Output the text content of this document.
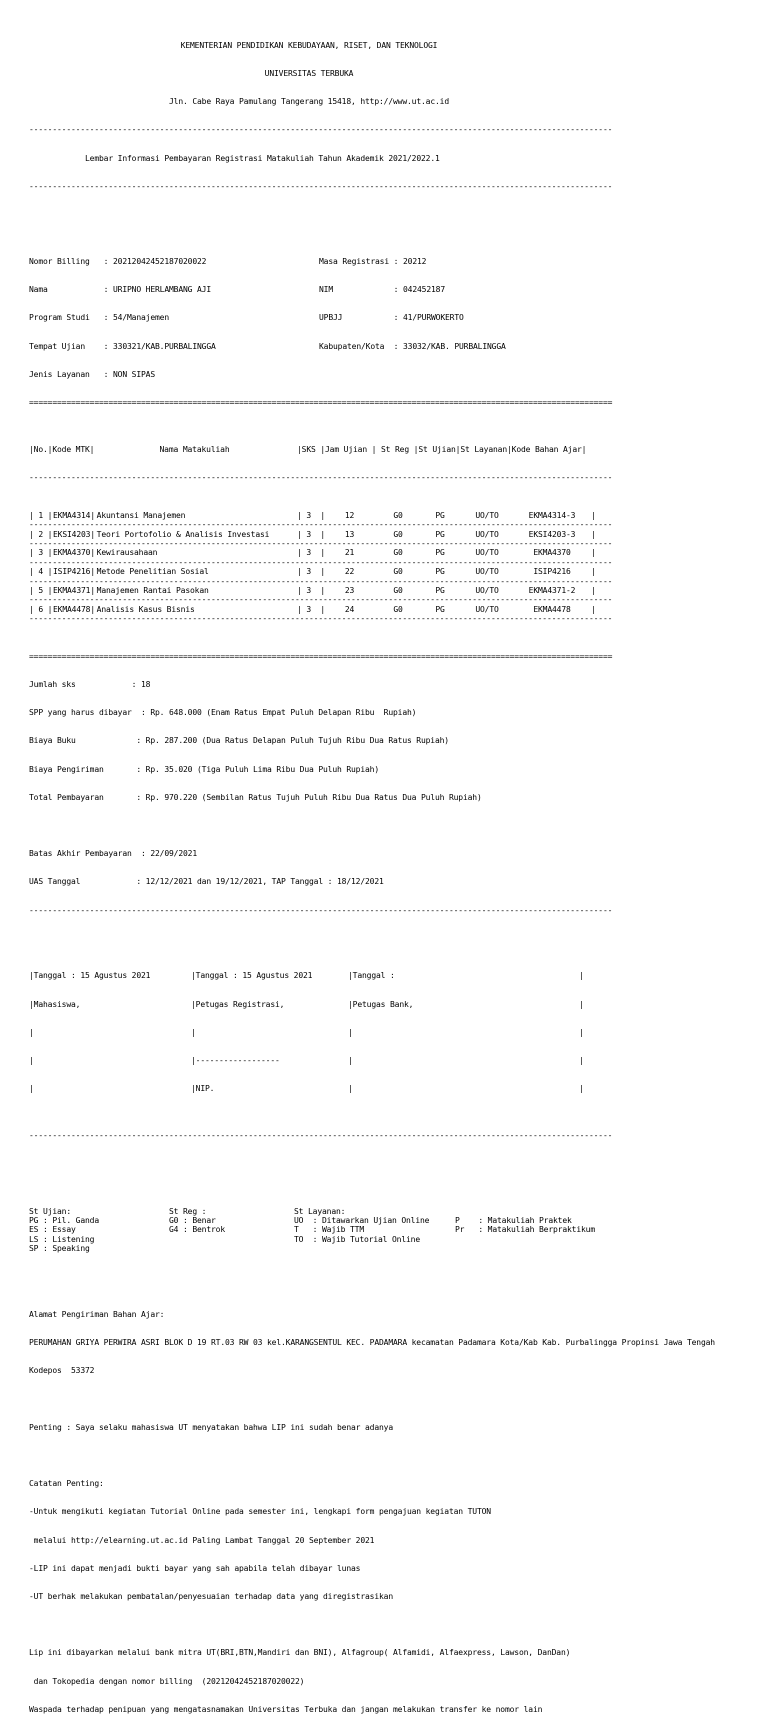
KEMENTERIAN PENDIDIKAN KEBUDAYAAN, RISET, DAN TEKNOLOGI

UNIVERSITAS TERBUKA

Jln. Cabe Raya Pamulang Tangerang 15418, http://www.ut.ac.id

-----

Lembar Informasi Pembayaran Registrasi Matakuliah Tahun Akademik 2021/2022.1

-----

Nomor Billing   : 20212042452187020022	Masa Registrasi : 20212

Nama            : URIPNO HERLAMBANG AJI	NIM             : 042452187

Program Studi   : 54/Manajemen	UPBJJ           : 41/PURWOKERTO

Tempat Ujian    : 330321/KAB.PURBALINGGA	Kabupaten/Kota  : 33032/KAB. PURBALINGGA

Jenis Layanan   : NON SIPAS

=====

|No.|Kode MTK|	Nama Matakuliah	|SKS |Jam Ujian | St Reg |St Ujian|St Layanan|Kode Bahan Ajar|

-----

| 1 |EKMA4314| Akuntansi Manajemen	| 3  | 12	G0	PG	UO/TO	EKMA4314-3 |
-----
| 2 |EKSI4203| Teori Portofolio & Analisis Investasi	| 3  | 13	G0	PG	UO/TO	EKSI4203-3 |
-----
| 3 |EKMA4370| Kewirausahaan	| 3  | 21	G0	PG	UO/TO	EKMA4370	|
-----
| 4 |ISIP4216| Metode Penelitian Sosial	| 3  | 22	G0	PG	UO/TO	ISIP4216	|
-----
| 5 |EKMA4371| Manajemen Rantai Pasokan	| 3  | 23	G0	PG	UO/TO	EKMA4371-2 |
-----
| 6 |EKMA4478| Analisis Kasus Bisnis	| 3  | 24	G0	PG	UO/TO	EKMA4478	|
-----

=====

Jumlah sks            : 18

SPP yang harus dibayar  : Rp. 648.000 (Enam Ratus Empat Puluh Delapan Ribu  Rupiah)

Biaya Buku             : Rp. 287.200 (Dua Ratus Delapan Puluh Tujuh Ribu Dua Ratus Rupiah)

Biaya Pengiriman       : Rp. 35.020 (Tiga Puluh Lima Ribu Dua Puluh Rupiah)

Total Pembayaran       : Rp. 970.220 (Sembilan Ratus Tujuh Puluh Ribu Dua Ratus Dua Puluh Rupiah)

Batas Akhir Pembayaran  : 22/09/2021

UAS Tanggal            : 12/12/2021 dan 19/12/2021, TAP Tanggal : 18/12/2021

-----

|Tanggal : 15 Agustus 2021	|Tanggal : 15 Agustus 2021	|Tanggal :	|

|Mahasiswa,	|Petugas Registrasi,	|Petugas Bank,	|

|	|	|	|

|	|------------------	|	|

|	|NIP.	|	|

-----

St Ujian:	St Reg :	St Layanan:
PG : Pil. Ganda	G0 : Benar	UO  : Ditawarkan Ujian Online	P    : Matakuliah Praktek
ES : Essay	G4 : Bentrok	T   : Wajib TTM	Pr   : Matakuliah Berpraktikum
LS : Listening	TO  : Wajib Tutorial Online
SP : Speaking

Alamat Pengiriman Bahan Ajar:

PERUMAHAN GRIYA PERWIRA ASRI BLOK D 19 RT.03 RW 03 kel.KARANGSENTUL KEC. PADAMARA kecamatan Padamara Kota/Kab Kab. Purbalingga Propinsi Jawa Tengah

Kodepos  53372

Penting : Saya selaku mahasiswa UT menyatakan bahwa LIP ini sudah benar adanya

Catatan Penting:

-Untuk mengikuti kegiatan Tutorial Online pada semester ini, lengkapi form pengajuan kegiatan TUTON

melalui http://elearning.ut.ac.id Paling Lambat Tanggal 20 September 2021

-LIP ini dapat menjadi bukti bayar yang sah apabila telah dibayar lunas

-UT berhak melakukan pembatalan/penyesuaian terhadap data yang diregistrasikan

Lip ini dibayarkan melalui bank mitra UT(BRI,BTN,Mandiri dan BNI), Alfagroup( Alfamidi, Alfaexpress, Lawson, DanDan)

dan Tokopedia dengan nomor billing  (20212042452187020022)

Waspada terhadap penipuan yang mengatasnamakan Universitas Terbuka dan jangan melakukan transfer ke nomor lain
